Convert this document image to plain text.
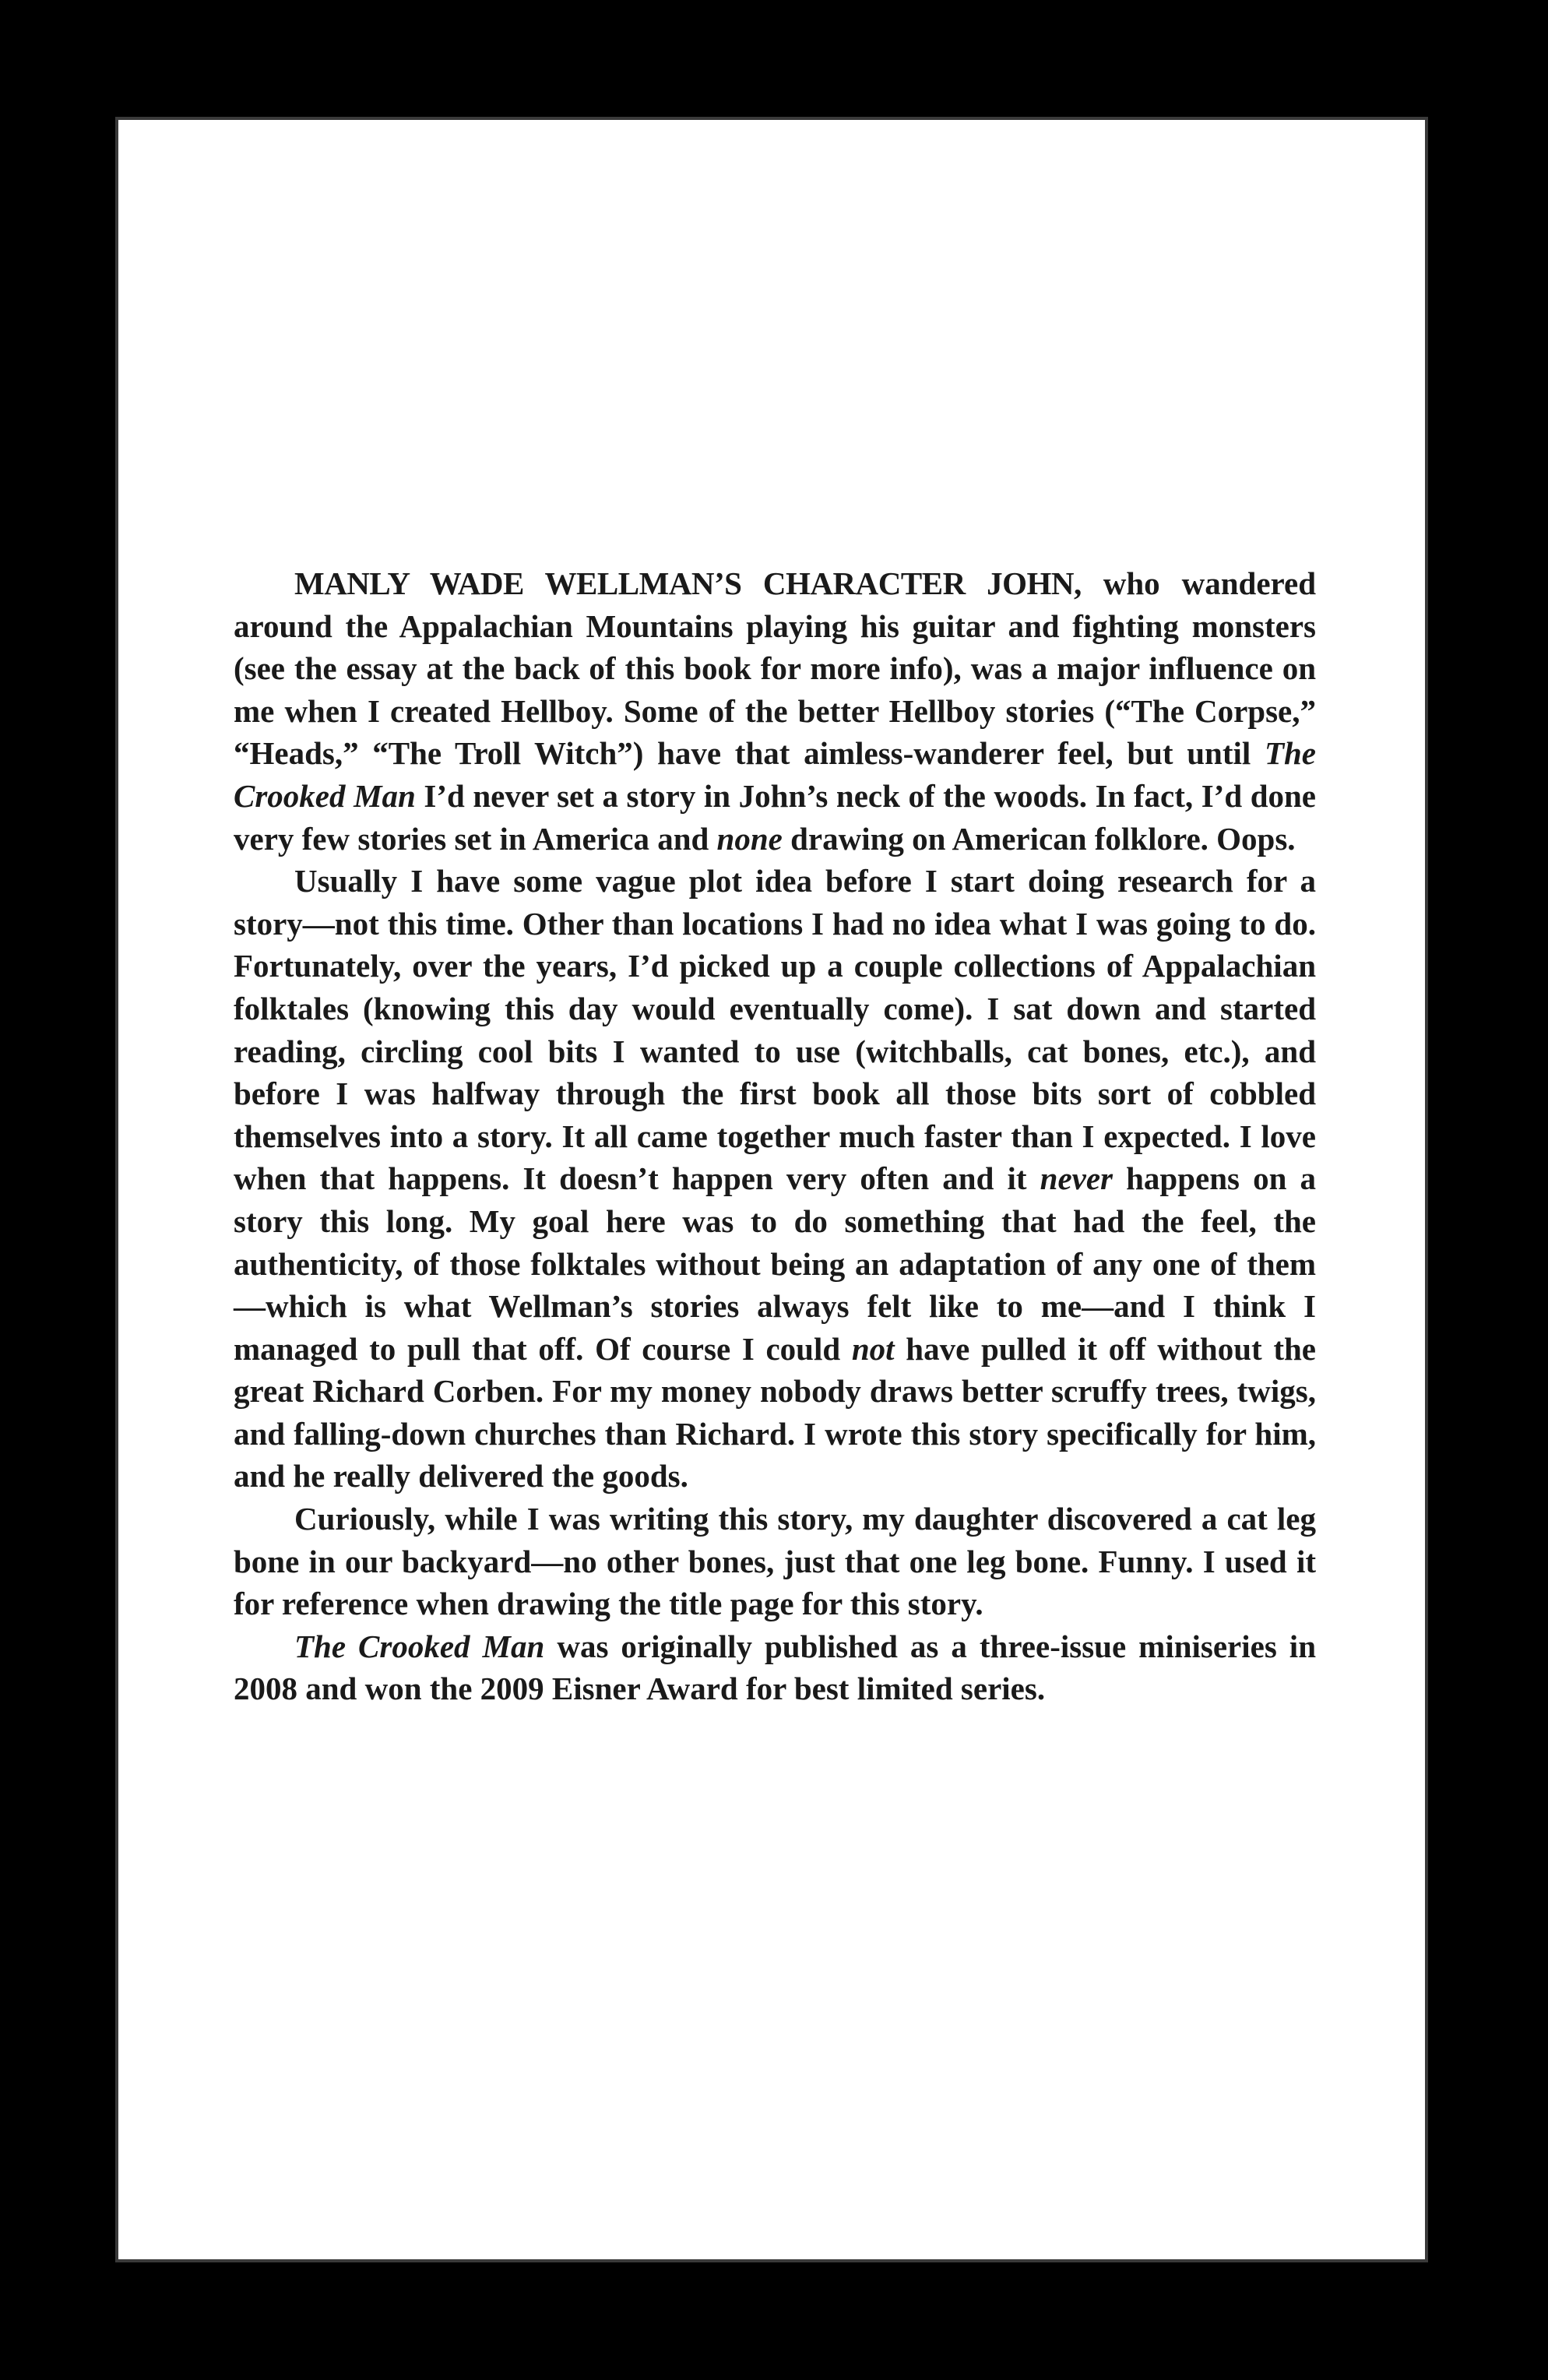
MANLY WADE WELLMAN’S CHARACTER JOHN, who wandered around the Appalachian Mountains playing his guitar and fighting monsters (see the essay at the back of this book for more info), was a major influence on me when I created Hellboy. Some of the better Hellboy stories (“The Corpse,” “Heads,” “The Troll Witch”) have that aimless-wanderer feel, but until The Crooked Man I’d never set a story in John’s neck of the woods. In fact, I’d done very few stories set in America and none drawing on American folklore. Oops.

Usually I have some vague plot idea before I start doing research for a story—not this time. Other than locations I had no idea what I was going to do. Fortunately, over the years, I’d picked up a couple collections of Appalachian folktales (knowing this day would eventually come). I sat down and started reading, circling cool bits I wanted to use (witchballs, cat bones, etc.), and before I was halfway through the first book all those bits sort of cobbled themselves into a story. It all came together much faster than I expected. I love when that happens. It doesn’t happen very often and it never happens on a story this long. My goal here was to do something that had the feel, the authenticity, of those folktales without being an adaptation of any one of them—which is what Wellman’s stories always felt like to me—and I think I managed to pull that off. Of course I could not have pulled it off without the great Richard Corben. For my money nobody draws better scruffy trees, twigs, and falling-down churches than Richard. I wrote this story specifically for him, and he really delivered the goods.

Curiously, while I was writing this story, my daughter discovered a cat leg bone in our backyard—no other bones, just that one leg bone. Funny. I used it for reference when drawing the title page for this story.

The Crooked Man was originally published as a three-issue miniseries in 2008 and won the 2009 Eisner Award for best limited series.
